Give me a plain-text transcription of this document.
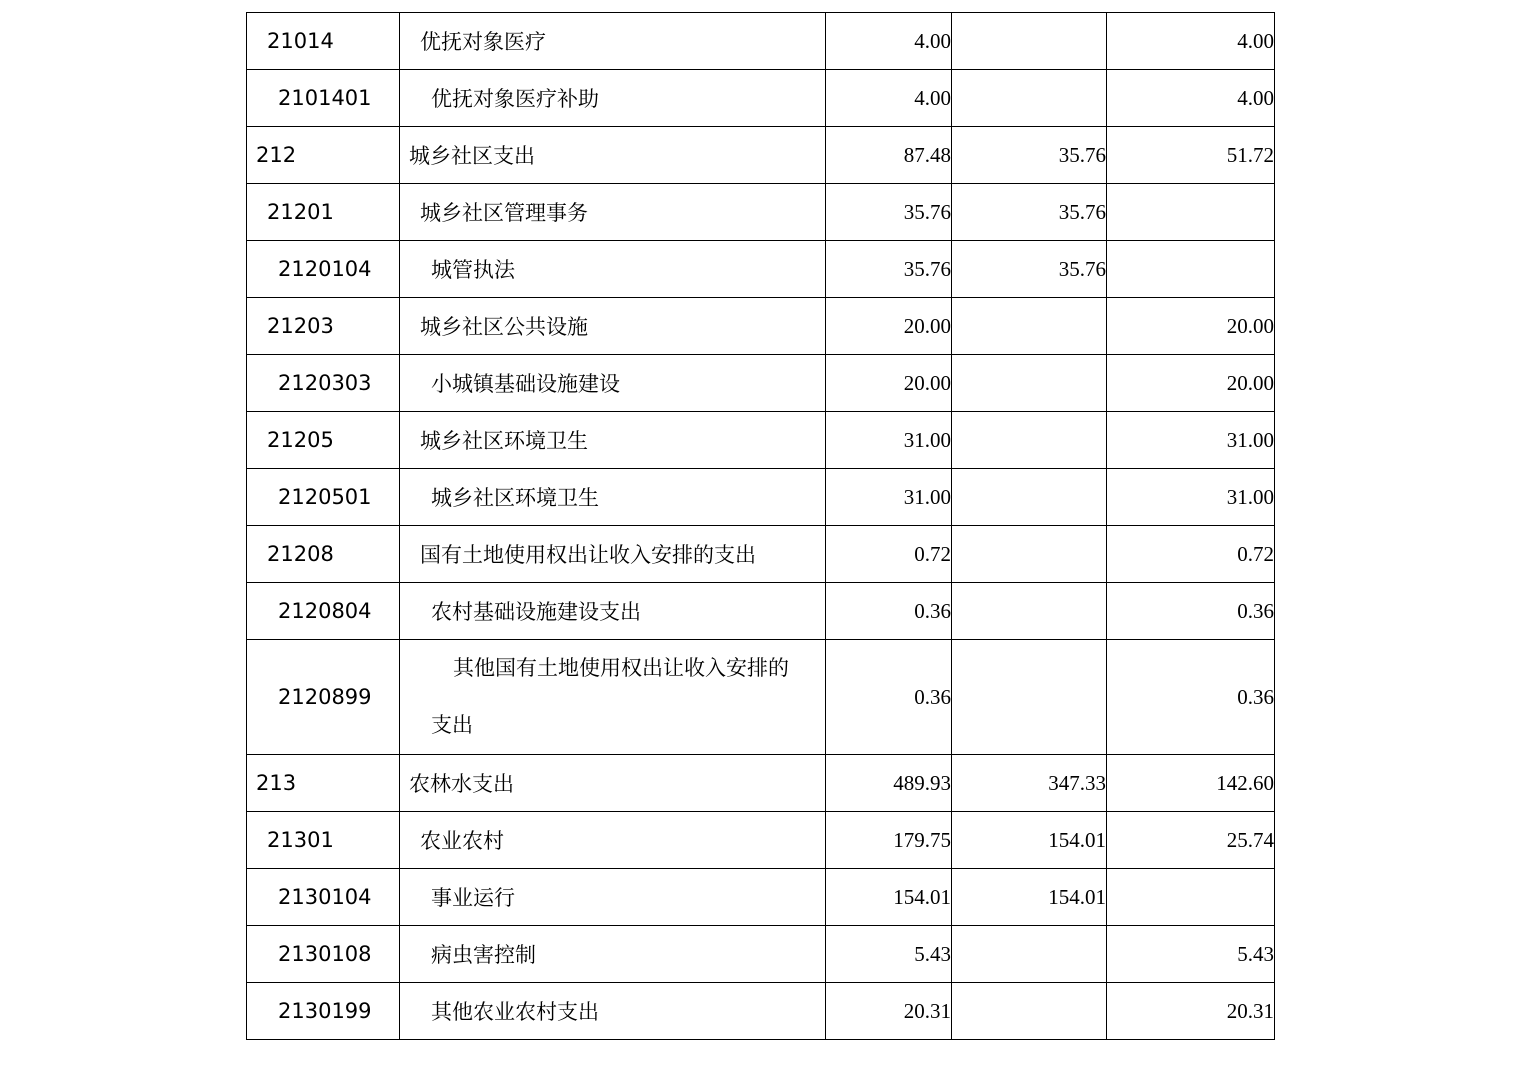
21014	优抚对象医疗	4.00		4.00
2101401	优抚对象医疗补助	4.00		4.00
212	城乡社区支出	87.48	35.76	51.72
21201	城乡社区管理事务	35.76	35.76	
2120104	城管执法	35.76	35.76	
21203	城乡社区公共设施	20.00		20.00
2120303	小城镇基础设施建设	20.00		20.00
21205	城乡社区环境卫生	31.00		31.00
2120501	城乡社区环境卫生	31.00		31.00
21208	国有土地使用权出让收入安排的支出	0.72		0.72
2120804	农村基础设施建设支出	0.36		0.36
2120899	其他国有土地使用权出让收入安排的支出	0.36		0.36
213	农林水支出	489.93	347.33	142.60
21301	农业农村	179.75	154.01	25.74
2130104	事业运行	154.01	154.01	
2130108	病虫害控制	5.43		5.43
2130199	其他农业农村支出	20.31		20.31
